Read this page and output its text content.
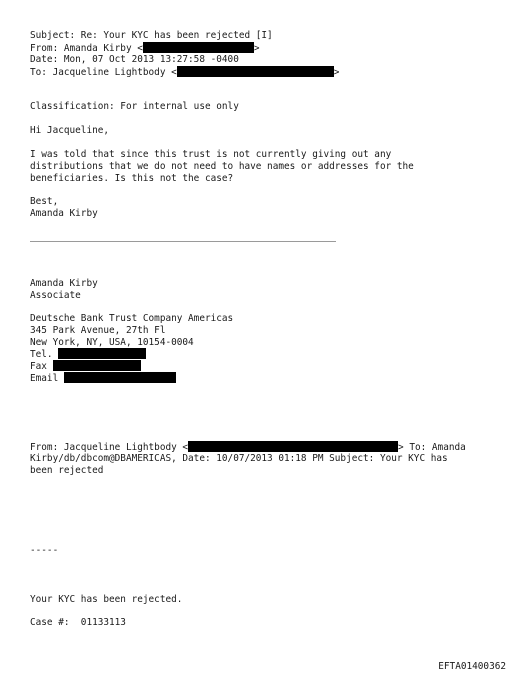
Subject: Re: Your KYC has been rejected [I]
From: Amanda Kirby <	>
Date: Mon, 07 Oct 2013 13:27:58 -0400
To: Jacqueline Lightbody <	>
Classification: For internal use only
Hi Jacqueline,
I was told that since this trust is not currently giving out any
distributions that we do not need to have names or addresses for the
beneficiaries. Is this not the case?
Best,
Amanda Kirby
Amanda Kirby
Associate
Deutsche Bank Trust Company Americas
345 Park Avenue, 27th Fl
New York, NY, USA, 10154-0004
Tel.
Fax
Email
From: Jacqueline Lightbody <	> To: Amanda
Kirby/db/dbcom@DBAMERICAS, Date: 10/07/2013 01:18 PM Subject: Your KYC has
been rejected
-----
Your KYC has been rejected.
Case #:  01133113
EFTA01400362
